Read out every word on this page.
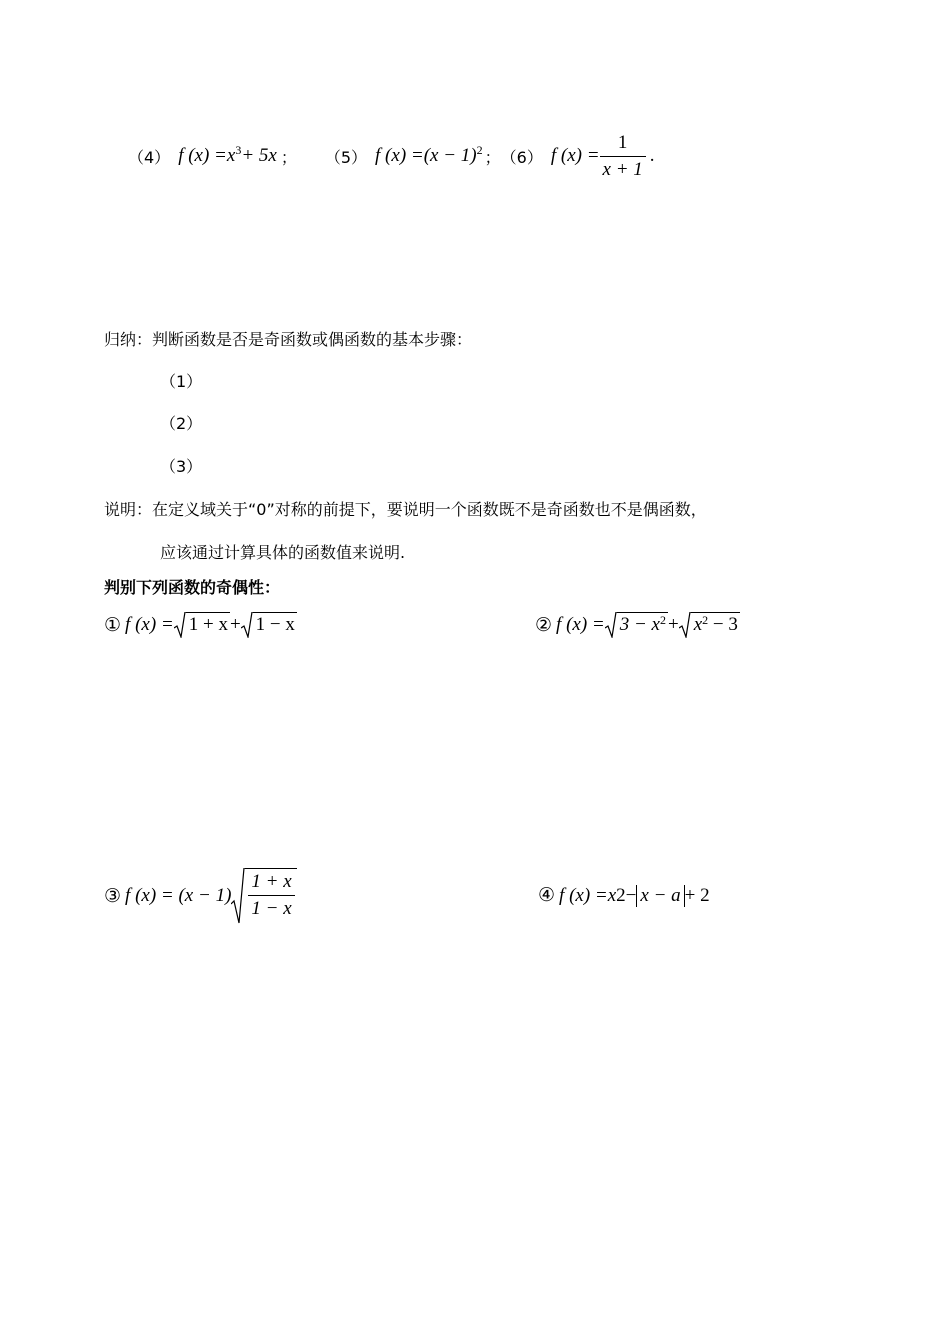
（4） f (x) = x 3 + 5x ； （5） f (x) = (x − 1) 2 ； （6） f $(x) = \frac{1}{x + 1}$ .
归纳：判断函数是否是奇函数或偶函数的基本步骤：
（1）
（2）
（3）
说明：在定义域关于“0”对称的前提下，要说明一个函数既不是奇函数也不是偶函数，
应该通过计算具体的函数值来说明.
判别下列函数的奇偶性：
① f (x) = 1 + x + 1 − x	② f $(x) = 3 - x^2 + x^2 - 3$
③ f $(x) = (x - 1) \frac{1 + x}{1 - x}$	④ f (x) = x 2 − x − a + 2
